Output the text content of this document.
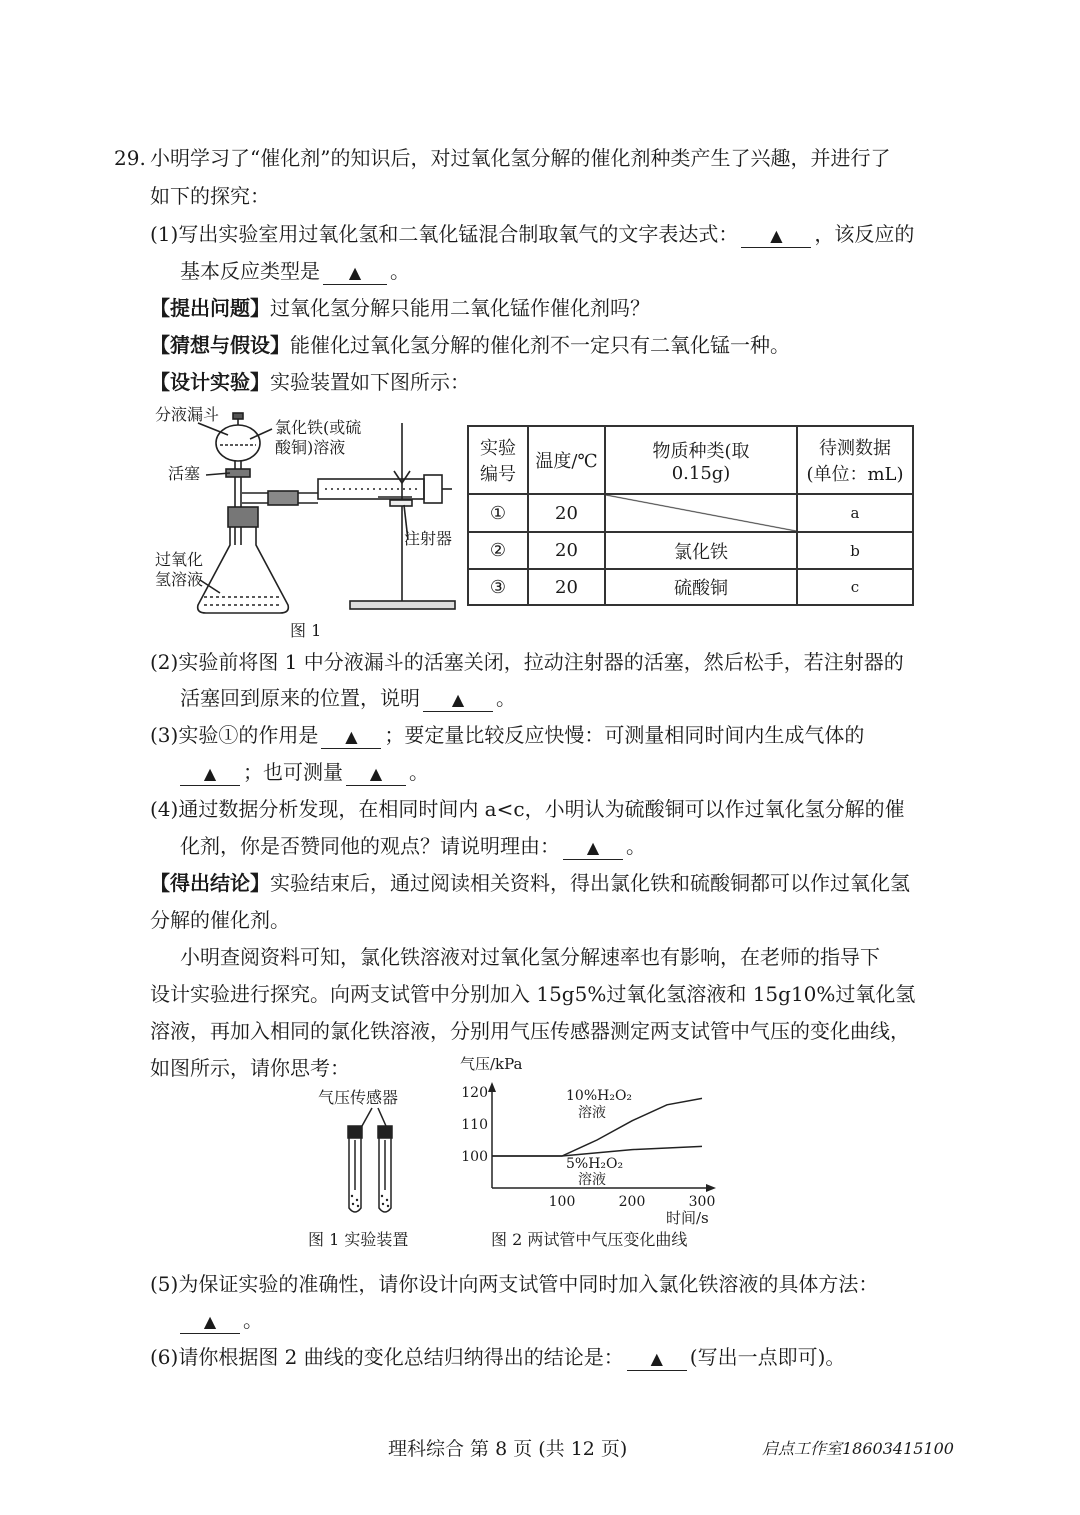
29. 小明学习了“催化剂”的知识后，对过氧化氢分解的催化剂种类产生了兴趣，并进行了
如下的探究：
(1)写出实验室用过氧化氢和二氧化锰混合制取氧气的文字表达式： ▲ ，该反应的
基本反应类型是 ▲ 。
【提出问题】过氧化氢分解只能用二氧化锰作催化剂吗？
【猜想与假设】能催化过氧化氢分解的催化剂不一定只有二氧化锰一种。
【设计实验】实验装置如下图所示：
分液漏斗
氯化铁(或硫
酸铜)溶液
活塞
注射器
过氧化
氢溶液
图 1
实验
编号	温度/℃	物质种类(取
0.15g)	待测数据
(单位：mL)
①	20		a
②	20	氯化铁	b
③	20	硫酸铜	c
(2)实验前将图 1 中分液漏斗的活塞关闭，拉动注射器的活塞，然后松手，若注射器的
活塞回到原来的位置，说明 ▲ 。
(3)实验①的作用是 ▲ ；要定量比较反应快慢：可测量相同时间内生成气体的
▲ ；也可测量 ▲ 。
(4)通过数据分析发现，在相同时间内 a<c，小明认为硫酸铜可以作过氧化氢分解的催
化剂，你是否赞同他的观点？请说明理由： ▲ 。
【得出结论】实验结束后，通过阅读相关资料，得出氯化铁和硫酸铜都可以作过氧化氢
分解的催化剂。
小明查阅资料可知，氯化铁溶液对过氧化氢分解速率也有影响，在老师的指导下
设计实验进行探究。向两支试管中分别加入 15g5%过氧化氢溶液和 15g10%过氧化氢
溶液，再加入相同的氯化铁溶液，分别用气压传感器测定两支试管中气压的变化曲线，
如图所示，请你思考：
气压传感器
图 1 实验装置
100	200	300
100
110
120
气压/kPa
时间/s
10%H₂O₂
溶液
5%H₂O₂
溶液
图 2 两试管中气压变化曲线
(5)为保证实验的准确性，请你设计向两支试管中同时加入氯化铁溶液的具体方法：
▲ 。
(6)请你根据图 2 曲线的变化总结归纳得出的结论是： ▲ (写出一点即可)。
理科综合 第 8 页 (共 12 页)	启点工作室18603415100
